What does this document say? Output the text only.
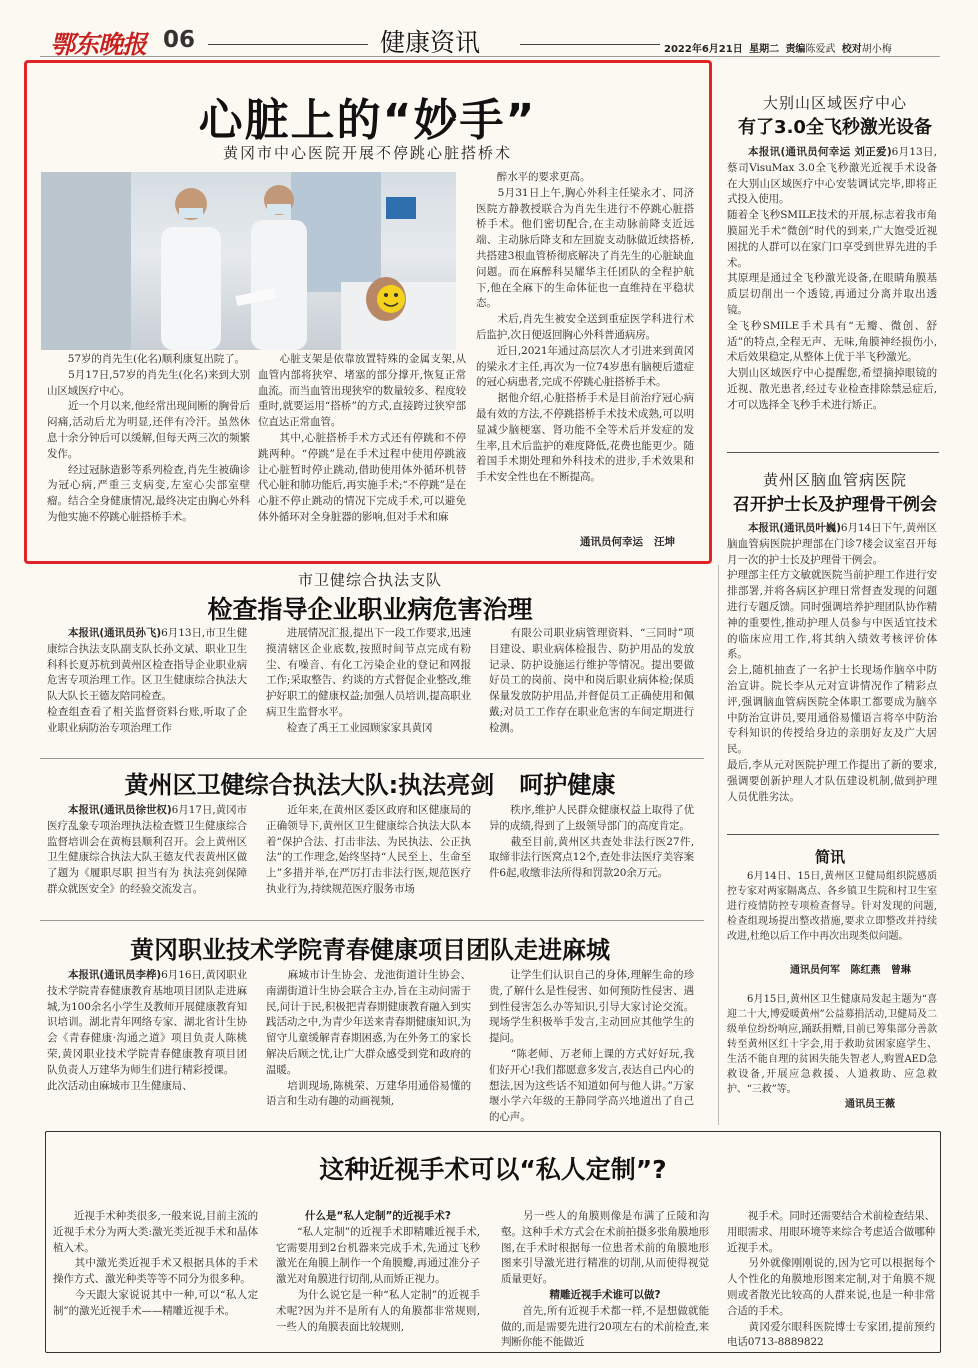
鄂东晚报 06	健康资讯	2022年6月21日 星期二 责编陈爱武 校对胡小梅
心脏上的“妙手”
黄冈市中心医院开展不停跳心脏搭桥术
　　57岁的肖先生(化名)顺利康复出院了。
　　5月17日,57岁的肖先生(化名)来到大别山区域医疗中心。
　　近一个月以来,他经常出现间断的胸骨后闷痛,活动后尤为明显,还伴有冷汗。虽然休息十余分钟后可以缓解,但每天两三次的频繁发作。
　　经过冠脉造影等系列检查,肖先生被确诊为冠心病,严重三支病变,左室心尖部室壁瘤。结合全身健康情况,最终决定由胸心外科为他实施不停跳心脏搭桥手术。
　　心脏支架是依靠放置特殊的金属支架,从血管内部将狭窄、堵塞的部分撑开,恢复正常血流。而当血管出现狭窄的数量较多、程度较重时,就要运用“搭桥”的方式,直接跨过狭窄部位直达正常血管。
　　其中,心脏搭桥手术方式还有停跳和不停跳两种。“停跳”是在手术过程中使用停跳液让心脏暂时停止跳动,借助使用体外循环机替代心脏和肺功能后,再实施手术;“不停跳”是在心脏不停止跳动的情况下完成手术,可以避免体外循环对全身脏器的影响,但对手术和麻
　　醉水平的要求更高。
　　5月31日上午,胸心外科主任梁永才、同济医院方静教授联合为肖先生进行不停跳心脏搭桥手术。他们密切配合,在主动脉前降支近远端、主动脉后降支和左回旋支动脉做近续搭桥,共搭建3根血管桥彻底解决了肖先生的心脏缺血问题。而在麻醉科吴耀华主任团队的全程护航下,他在全麻下的生命体征也一直维持在平稳状态。
　　术后,肖先生被安全送到重症医学科进行术后监护,次日便返回胸心外科普通病房。
　　近日,2021年通过高层次人才引进来到黄冈的梁永才主任,再次为一位74岁患有脑梗后遗症的冠心病患者,完成不停跳心脏搭桥手术。
　　据他介绍,心脏搭桥手术是目前治疗冠心病最有效的方法,不停跳搭桥手术技术成熟,可以明显减少脑梗塞、肾功能不全等术后并发症的发生率,且术后监护的难度降低,花费也能更少。随着国手术期处理和外科技术的进步,手术效果和手术安全性也在不断提高。
通讯员何幸运   汪坤
大别山区域医疗中心
有了3.0全飞秒激光设备

本报讯(通讯员何幸运 刘正爱)6月13日,蔡司VisuMax 3.0全飞秒激光近视手术设备在大别山区域医疗中心安装调试完毕,即将正式投入使用。
随着全飞秒SMILE技术的开展,标志着我市角膜屈光手术“微创”时代的到来,广大饱受近视困扰的人群可以在家门口享受到世界先进的手术。
其原理是通过全飞秒激光设备,在眼睛角膜基质层切削出一个透镜,再通过分离并取出透镜。
全飞秒SMILE手术具有“无瓣、微创、舒适”的特点,全程无声、无味,角膜神经损伤小,术后效果稳定,从整体上优于半飞秒激光。
大别山区域医疗中心提醒您,希望摘掉眼镜的近视、散光患者,经过专业检查排除禁忌症后,才可以选择全飞秒手术进行矫正。

黄州区脑血管病医院
召开护士长及护理骨干例会

本报讯(通讯员叶巍)6月14日下午,黄州区脑血管病医院护理部在门诊7楼会议室召开每月一次的护士长及护理骨干例会。
护理部主任方文敏就医院当前护理工作进行安排部署,并将各病区护理日常督查发现的问题进行专题反馈。同时强调培养护理团队协作精神的重要性,推动护理人员参与中医适宜技术的临床应用工作,将其纳入绩效考核评价体系。
会上,随机抽查了一名护士长现场作脑卒中防治宣讲。院长李从元对宣讲情况作了精彩点评,强调脑血管病医院全体职工都要成为脑卒中防治宣讲员,要用通俗易懂语言将卒中防治专科知识的传授给身边的亲朋好友及广大居民。
最后,李从元对医院护理工作提出了新的要求,强调要创新护理人才队伍建设机制,做到护理人员优胜劣汰。

简讯
6月14日、15日,黄州区卫健局组织院感质控专家对两家隔离点、各乡镇卫生院和村卫生室进行疫情防控专项检查督导。针对发现的问题,检查组现场提出整改措施,要求立即整改并持续改进,杜绝以后工作中再次出现类似问题。
通讯员何军   陈红燕   曾琳
6月15日,黄州区卫生健康局发起主题为“喜迎二十大,博爱暖黄州”公益募捐活动,卫健局及二级单位纷纷响应,踊跃捐赠,目前已筹集部分善款转至黄州区红十字会,用于救助贫困家庭学生、生活不能自理的贫困失能失智老人,购置AED急救设备,开展应急救援、人道救助、应急救护、“三救”等。
通讯员王薇
市卫健综合执法支队
检查指导企业职业病危害治理

本报讯(通讯员孙飞)6月13日,市卫生健康综合执法支队副支队长孙文斌、职业卫生科科长夏苏杭到黄州区检查指导企业职业病危害专项治理工作。区卫生健康综合执法大队大队长王德友陪同检查。
检查组查看了相关监督资料台账,听取了企业职业病防治专项治理工作

　　进展情况汇报,提出下一段工作要求,迅速摸清辖区企业底数,按照时间节点完成有粉尘、有噪音、有化工污染企业的登记和网报工作;采取整告、约谈的方式督促企业整改,维护好职工的健康权益;加强人员培训,提高职业病卫生监督水平。
　　检查了禹王工业园顾家家具黄冈
　　有限公司职业病管理资料、“三同时”项目建设、职业病体检报告、防护用品的发放记录、防护设施运行维护等情况。提出要做好员工的岗前、岗中和岗后职业病体检;保质保量发放防护用品,并督促员工正确使用和佩戴;对员工工作存在职业危害的车间定期进行检测。
黄州区卫健综合执法大队:执法亮剑   呵护健康

本报讯(通讯员徐世权)6月17日,黄冈市医疗乱象专项治理执法检查暨卫生健康综合监督培训会在黄梅县顺利召开。会上黄州区卫生健康综合执法大队王德友代表黄州区做了题为《履职尽职 担当有为 执法亮剑保障群众就医安全》的经验交流发言。

　　近年来,在黄州区委区政府和区健康局的正确领导下,黄州区卫生健康综合执法大队本着“保护合法、打击非法、为民执法、公正执法”的工作理念,始终坚持“人民至上、生命至上”多措并举,在严厉打击非法行医,规范医疗执业行为,持续规范医疗服务市场
　　秩序,维护人民群众健康权益上取得了优异的成绩,得到了上级领导部门的高度肯定。
　　截至目前,黄州区共查处非法行医27件,取缔非法行医窝点12个,查处非法医疗美容案件6起,收缴非法所得和罚款20余万元。
黄冈职业技术学院青春健康项目团队走进麻城

本报讯(通讯员李桦)6月16日,黄冈职业技术学院青春健康教育基地项目团队走进麻城,为100余名小学生及教师开展健康教育知识培训。湖北青年网络专家、湖北省计生协会《青春健康·沟通之道》项目负责人陈桃荣,黄冈职业技术学院青春健康教育项目团队负责人万建华为师生们进行精彩授课。
此次活动由麻城市卫生健康局、

　　麻城市计生协会、龙池街道计生协会、南湖街道计生协会联合主办,旨在主动问需于民,问计于民,积极把青春期健康教育融入到实践活动之中,为青少年送来青春期健康知识,为留守儿童缓解青春期困惑,为在外务工的家长解决后顾之忧,让广大群众感受到党和政府的温暖。
　　培训现场,陈桃荣、万建华用通俗易懂的语言和生动有趣的动画视频,
　　让学生们认识自己的身体,理解生命的珍贵,了解什么是性侵害、如何预防性侵害、遇到性侵害怎么办等知识,引导大家讨论交流。现场学生积极举手发言,主动回应其他学生的提问。
　　“陈老师、万老师上课的方式好好玩,我们好开心!我们都愿意多发言,表达自己内心的想法,因为这些话不知道如何与他人讲。”万家堰小学六年级的王静同学高兴地道出了自己的心声。
这种近视手术可以“私人定制”?
　　近视手术种类很多,一般来说,目前主流的近视手术分为两大类:激光类近视手术和晶体植入术。
　　其中激光类近视手术又根据具体的手术操作方式、激光种类等等不同分为很多种。
　　今天跟大家说说其中一种,可以“私人定制”的激光近视手术——精雕近视手术。
什么是“私人定制”的近视手术?
　　“私人定制”的近视手术即精雕近视手术,它需要用到2台机器来完成手术,先通过飞秒激光在角膜上制作一个角膜瓣,再通过准分子激光对角膜进行切削,从而矫正视力。
　　为什么说它是一种“私人定制”的近视手术呢?因为并不是所有人的角膜都非常规则,一些人的角膜表面比较规则,
　　另一些人的角膜则像是布满了丘陵和沟壑。这种手术方式会在术前拍摄多张角膜地形图,在手术时根据每一位患者术前的角膜地形图来引导激光进行精准的切削,从而使得视觉质量更好。
精雕近视手术谁可以做?
　　首先,所有近视手术都一样,不是想做就能做的,而是需要先进行20项左右的术前检查,来判断你能不能做近
　　视手术。同时还需要结合术前检查结果、用眼需求、用眼环境等来综合考虑适合做哪种近视手术。
　　另外就像刚刚说的,因为它可以根据每个人个性化的角膜地形图来定制,对于角膜不规则或者散光比较高的人群来说,也是一种非常合适的手术。
　　黄冈爱尔眼科医院博士专家团,提前预约电话0713-8889822
